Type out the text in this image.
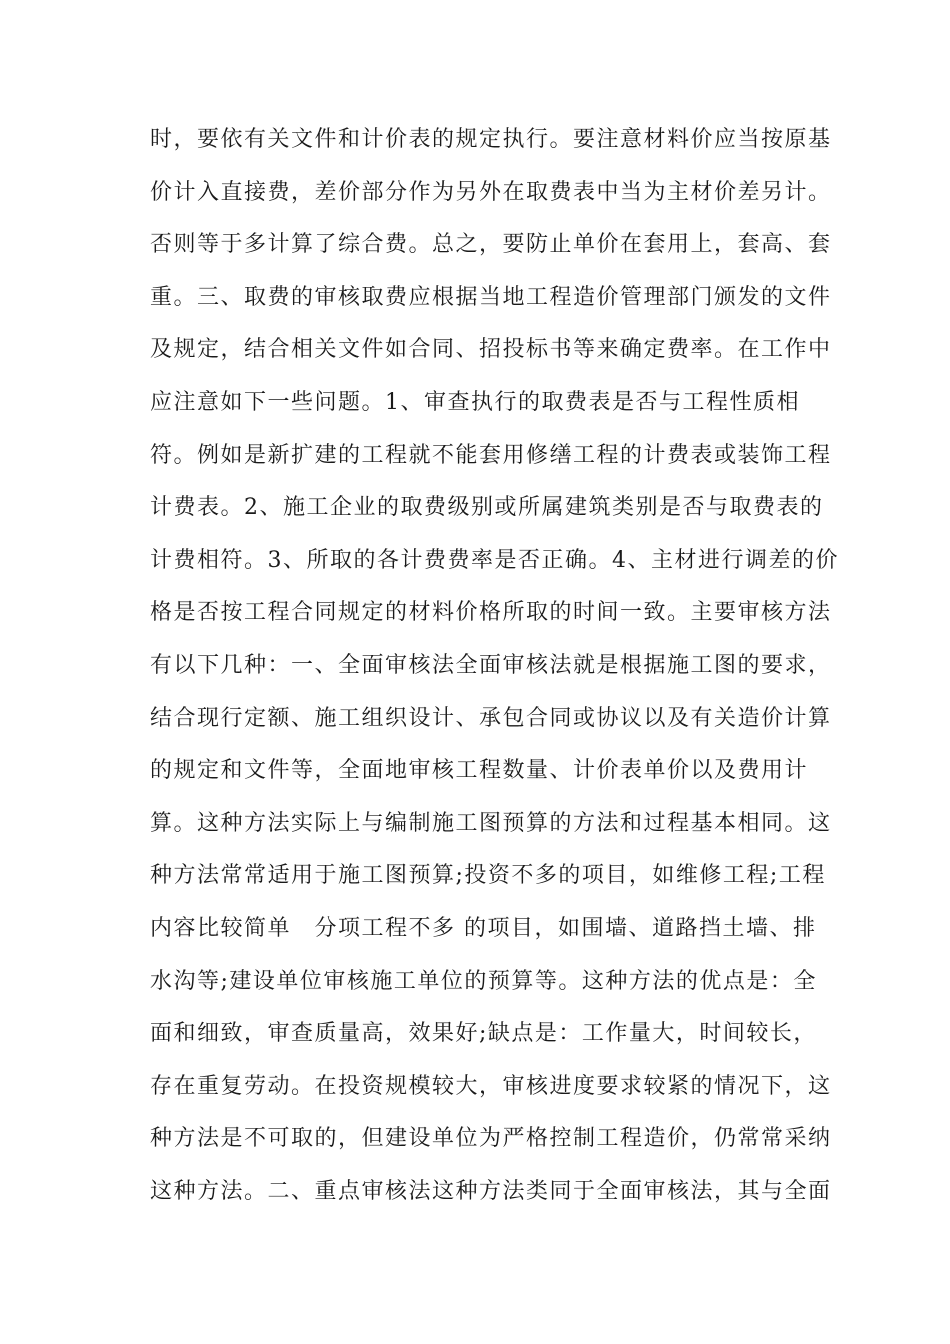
时，要依有关文件和计价表的规定执行。要注意材料价应当按原基
价计入直接费，差价部分作为另外在取费表中当为主材价差另计。
否则等于多计算了综合费。总之，要防止单价在套用上，套高、套
重。三、取费的审核取费应根据当地工程造价管理部门颁发的文件
及规定，结合相关文件如合同、招投标书等来确定费率。在工作中
应注意如下一些问题。1、审查执行的取费表是否与工程性质相
符。例如是新扩建的工程就不能套用修缮工程的计费表或装饰工程
计费表。2、施工企业的取费级别或所属建筑类别是否与取费表的
计费相符。3、所取的各计费费率是否正确。4、主材进行调差的价
格是否按工程合同规定的材料价格所取的时间一致。主要审核方法
有以下几种：一、全面审核法全面审核法就是根据施工图的要求，
结合现行定额、施工组织设计、承包合同或协议以及有关造价计算
的规定和文件等，全面地审核工程数量、计价表单价以及费用计
算。这种方法实际上与编制施工图预算的方法和过程基本相同。这
种方法常常适用于施工图预算;投资不多的项目，如维修工程;工程
内容比较简单　分项工程不多 的项目，如围墙、道路挡土墙、排
水沟等;建设单位审核施工单位的预算等。这种方法的优点是：全
面和细致，审查质量高，效果好;缺点是：工作量大，时间较长，
存在重复劳动。在投资规模较大，审核进度要求较紧的情况下，这
种方法是不可取的，但建设单位为严格控制工程造价，仍常常采纳
这种方法。二、重点审核法这种方法类同于全面审核法，其与全面
